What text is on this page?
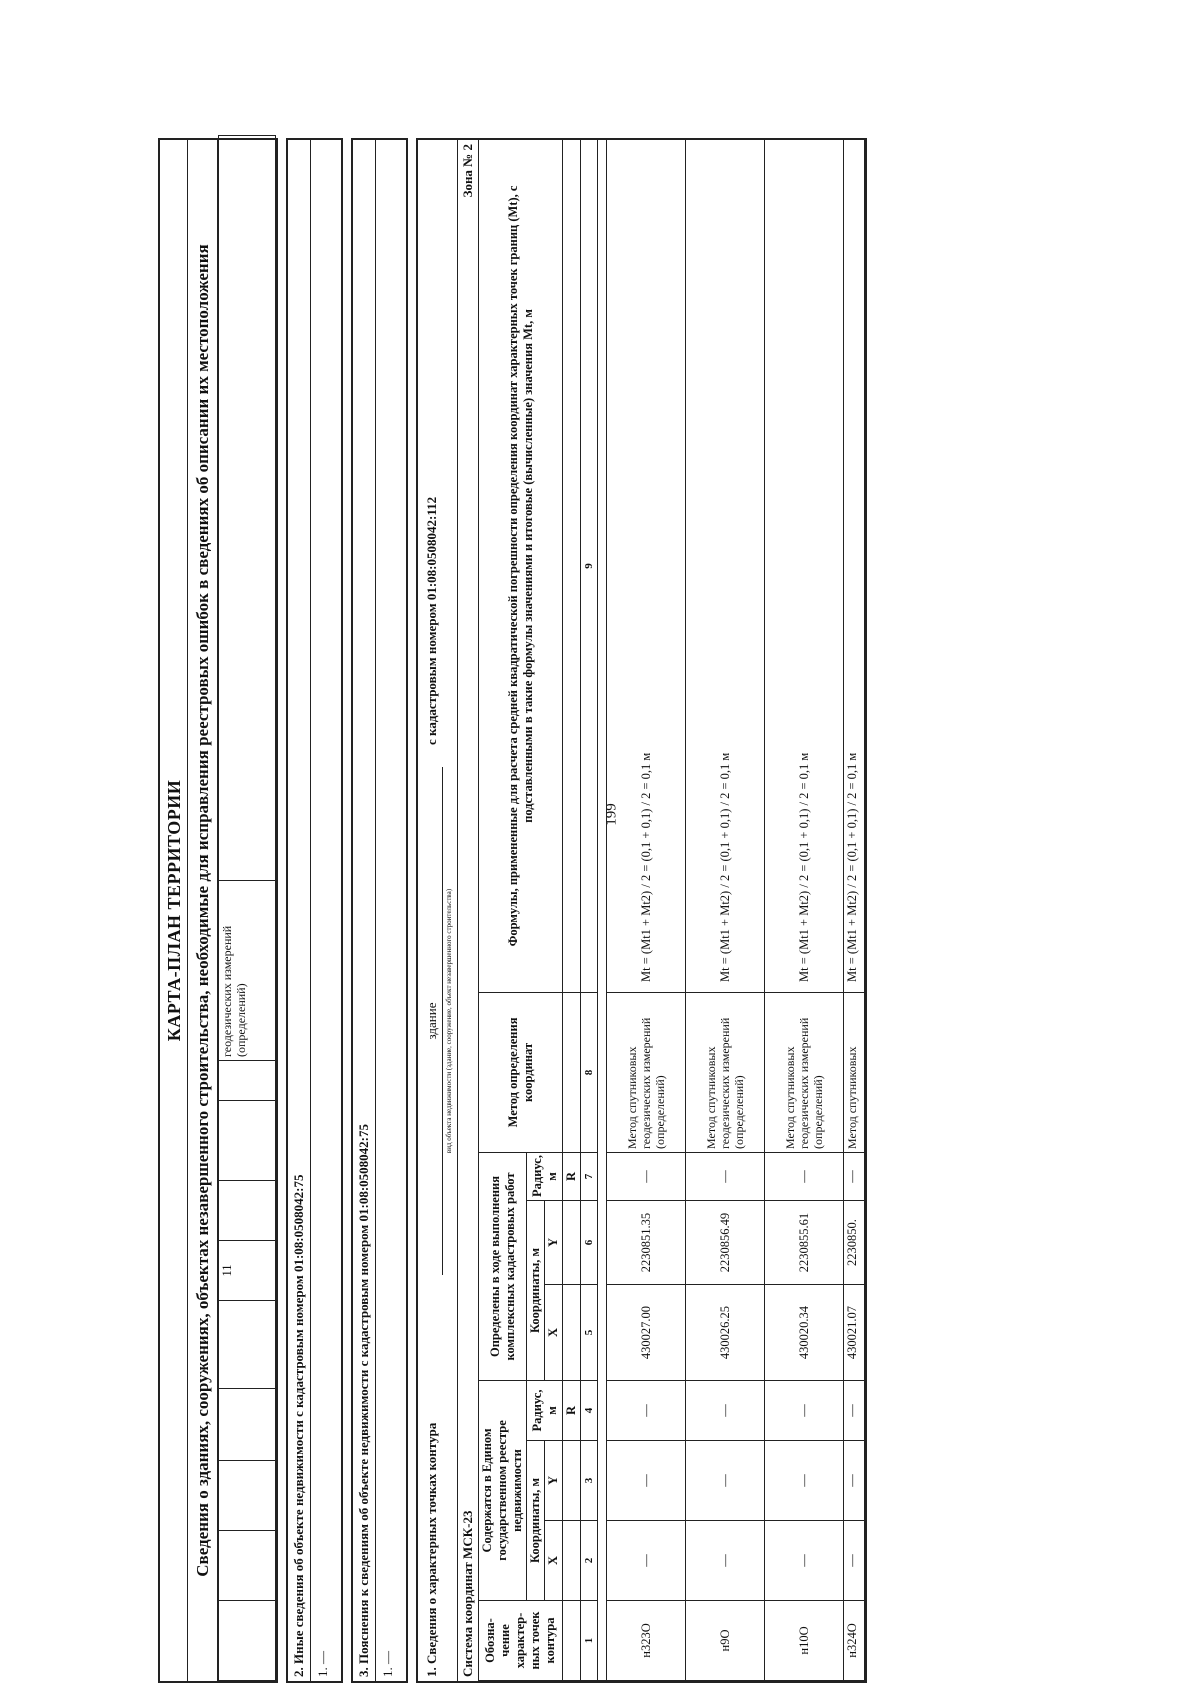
199
КАРТА-ПЛАН ТЕРРИТОРИИ Сведения о зданиях, сооружениях, объектах незавершенного строительства, необходимые для исправления реестровых ошибок в сведениях об описании их местоположения
					11				геодезических измерений (определений)	
2. Иные сведения об объекте недвижимости с кадастровым номером 01:08:0508042:75
1. —	3. Пояснения к сведениям об объекте недвижимости с кадастровым номером 01:08:0508042:75
1. —	1. Сведения о характерных точках контура
здание вид объекта недвижимости (здание, сооружение, объект незавершенного строительства)
с кадастровым номером 01:08:0508042:112
Система координат МСК-23
Зона № 2
Обозна-чение характер-ных точек контура	Содержатся в Едином государственном реестре недвижимости			Определены в ходе выполнения комплексных кадастровых работ			Метод определения координат	Формулы, примененные для расчета средней квадратической погрешности определения координат характерных точек границ (Mt), с подставленными в такие формулы значениями и итоговые (вычисленные) значения Mt, м
	Координаты, м		Радиус, м	Координаты, м		Радиус, м		
	X	Y		X	Y			
			R			R		
1	2	3	4	5	6	7	8	9

н323О	—	—	—	430027.00	2230851.35	—	Метод спутниковых геодезических измерений (определений)	Mt = (Mt1 + Mt2) / 2 = (0,1 + 0,1) / 2 = 0,1 м
н9О	—	—	—	430026.25	2230856.49	—	Метод спутниковых геодезических измерений (определений)	Mt = (Mt1 + Mt2) / 2 = (0,1 + 0,1) / 2 = 0,1 м
н10О	—	—	—	430020.34	2230855.61	—	Метод спутниковых геодезических измерений (определений)	Mt = (Mt1 + Mt2) / 2 = (0,1 + 0,1) / 2 = 0,1 м
н324О	—	—	—	430021.07	2230850.	—	Метод спутниковых	Mt = (Mt1 + Mt2) / 2 = (0,1 + 0,1) / 2 = 0,1 м
